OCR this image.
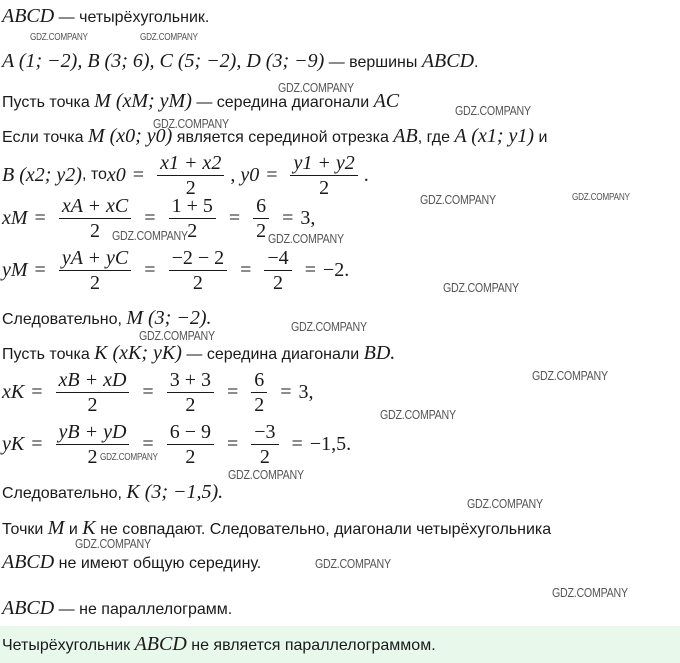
ABCD — четырёхугольник.
A (1; −2), B (3; 6), C (5; −2), D (3; −9) — вершины ABCD.
Пусть точка M (xM; yM) — середина диагонали AC
Если точка M (x0; y0) является серединой отрезка AB, где A (x1; y1) и
B (x2; y2) , то $x0 = \frac{x1 + x2}{2}$ , $y0 = \frac{y1 + y2}{2}$ .
xM = $\frac{xA + xC}{2} = \frac{1 + 5}{2} = \frac{6}{2} = 3$,
yM = $\frac{yA + yC}{2} = \frac{-2 - 2}{2} = \frac{-4}{2} = -2$.
Следовательно, M (3; −2).
Пусть точка K (xK; yK) — середина диагонали BD.
xK = $\frac{xB + xD}{2} = \frac{3 + 3}{2} = \frac{6}{2} = 3$,
yK = $\frac{yB + yD}{2} = \frac{6 - 9}{2} = \frac{-3}{2} = -1,5$.
Следовательно, K (3; −1,5).
Точки M и K не совпадают. Следовательно, диагонали четырёхугольника
ABCD не имеют общую середину.
ABCD — не параллелограмм.
Четырёхугольник ABCD не является параллелограммом.
GDZ.COMPANY	GDZ.COMPANY
GDZ.COMPANY
GDZ.COMPANY
GDZ.COMPANY
GDZ.COMPANY	GDZ.COMPANY
GDZ.COMPANY	GDZ.COMPANY
GDZ.COMPANY
GDZ.COMPANY
GDZ.COMPANY
GDZ.COMPANY
GDZ.COMPANY
GDZ.COMPANY
GDZ.COMPANY
GDZ.COMPANY
GDZ.COMPANY
GDZ.COMPANY
GDZ.COMPANY
